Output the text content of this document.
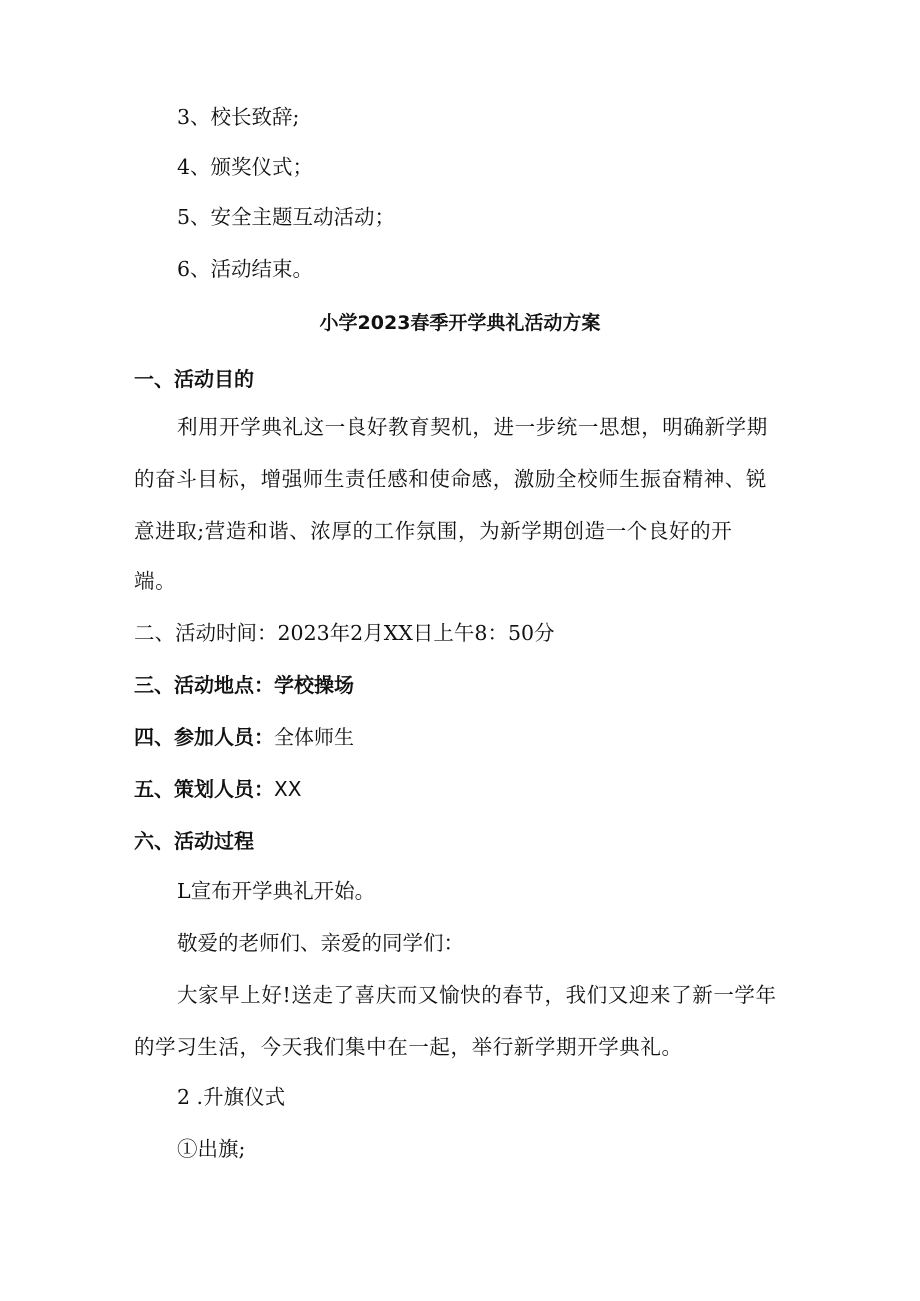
3、校长致辞;
4、颁奖仪式；
5、安全主题互动活动；
6、活动结束。
小学2023春季开学典礼活动方案
一、活动目的
利用开学典礼这一良好教育契机，进一步统一思想，明确新学期
的奋斗目标，增强师生责任感和使命感，激励全校师生振奋精神、锐
意进取;营造和谐、浓厚的工作氛围，为新学期创造一个良好的开
端。
二、活动时间：2023年2月XX日上午8：50分
三、活动地点：学校操场
四、参加人员：全体师生
五、策划人员：XX
六、活动过程
L宣布开学典礼开始。
敬爱的老师们、亲爱的同学们：
大家早上好!送走了喜庆而又愉快的春节，我们又迎来了新一学年
的学习生活，今天我们集中在一起，举行新学期开学典礼。
2 .升旗仪式
①出旗;
